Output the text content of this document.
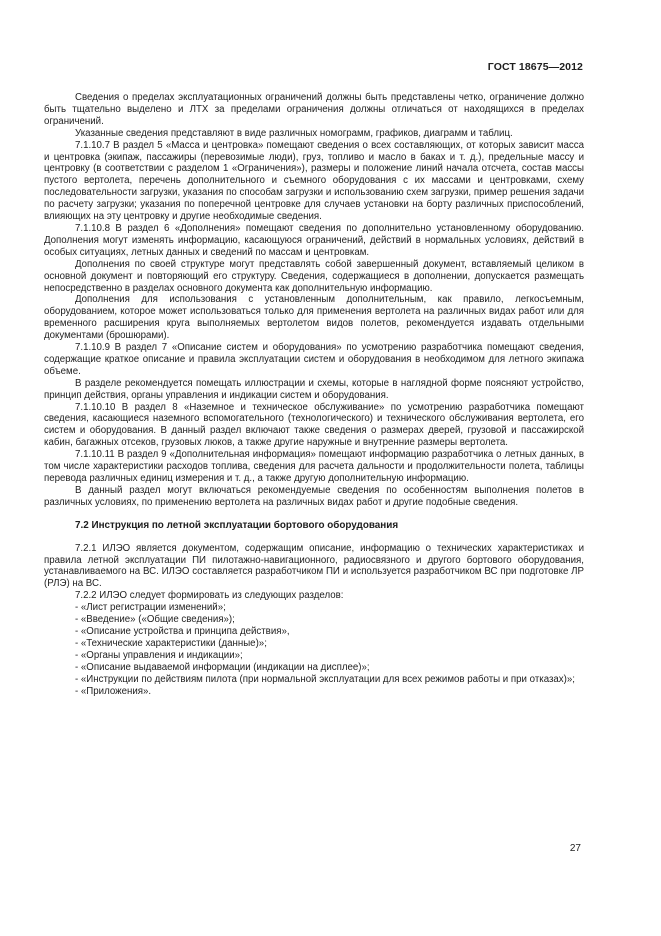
ГОСТ 18675—2012

Сведения о пределах эксплуатационных ограничений должны быть представлены четко, ограничение должно быть тщательно выделено и ЛТХ за пределами ограничения должны отличаться от находящихся в пределах ограничений.

Указанные сведения представляют в виде различных номограмм, графиков, диаграмм и таблиц.

7.1.10.7 В раздел 5 «Масса и центровка» помещают сведения о всех составляющих, от которых зависит масса и центровка (экипаж, пассажиры (перевозимые люди), груз, топливо и масло в баках и т. д.), предельные массу и центровку (в соответствии с разделом 1 «Ограничения»), размеры и положение линий начала отсчета, состав массы пустого вертолета, перечень дополнительного и съемного оборудования с их массами и центровками, схему последовательности загрузки, указания по способам загрузки и использованию схем загрузки, пример решения задачи по расчету загрузки; указания по поперечной центровке для случаев установки на борту различных приспособлений, влияющих на эту центровку и другие необходимые сведения.

7.1.10.8 В раздел 6 «Дополнения» помещают сведения по дополнительно установленному оборудованию. Дополнения могут изменять информацию, касающуюся ограничений, действий в нормальных условиях, действий в особых ситуациях, летных данных и сведений по массам и центровкам.

Дополнения по своей структуре могут представлять собой завершенный документ, вставляемый целиком в основной документ и повторяющий его структуру. Сведения, содержащиеся в дополнении, допускается размещать непосредственно в разделах основного документа как дополнительную информацию.

Дополнения для использования с установленным дополнительным, как правило, легкосъемным, оборудованием, которое может использоваться только для применения вертолета на различных видах работ или для временного расширения круга выполняемых вертолетом видов полетов, рекомендуется издавать отдельными документами (брошюрами).

7.1.10.9 В раздел 7 «Описание систем и оборудования» по усмотрению разработчика помещают сведения, содержащие краткое описание и правила эксплуатации систем и оборудования в необходимом для летного экипажа объеме.

В разделе рекомендуется помещать иллюстрации и схемы, которые в наглядной форме поясняют устройство, принцип действия, органы управления и индикации систем и оборудования.

7.1.10.10 В раздел 8 «Наземное и техническое обслуживание» по усмотрению разработчика помещают сведения, касающиеся наземного вспомогательного (технологического) и технического обслуживания вертолета, его систем и оборудования. В данный раздел включают также сведения о размерах дверей, грузовой и пассажирской кабин, багажных отсеков, грузовых люков, а также другие наружные и внутренние размеры вертолета.

7.1.10.11 В раздел 9 «Дополнительная информация» помещают информацию разработчика о летных данных, в том числе характеристики расходов топлива, сведения для расчета дальности и продолжительности полета, таблицы перевода различных единиц измерения и т. д., а также другую дополнительную информацию.

В данный раздел могут включаться рекомендуемые сведения по особенностям выполнения полетов в различных условиях, по применению вертолета на различных видах работ и другие подобные сведения.

7.2 Инструкция по летной эксплуатации бортового оборудования

7.2.1 ИЛЭО является документом, содержащим описание, информацию о технических характеристиках и правила летной эксплуатации ПИ пилотажно-навигационного, радиосвязного и другого бортового оборудования, устанавливаемого на ВС. ИЛЭО составляется разработчиком ПИ и используется разработчиком ВС при подготовке ЛР (РЛЭ) на ВС.

7.2.2 ИЛЭО следует формировать из следующих разделов:

- «Лист регистрации изменений»;
- «Введение» («Общие сведения»);
- «Описание устройства и принципа действия»,
- «Технические характеристики (данные)»;
- «Органы управления и индикации»;
- «Описание выдаваемой информации (индикации на дисплее)»;
- «Инструкции по действиям пилота (при нормальной эксплуатации для всех режимов работы и при отказах)»;
- «Приложения».
27
